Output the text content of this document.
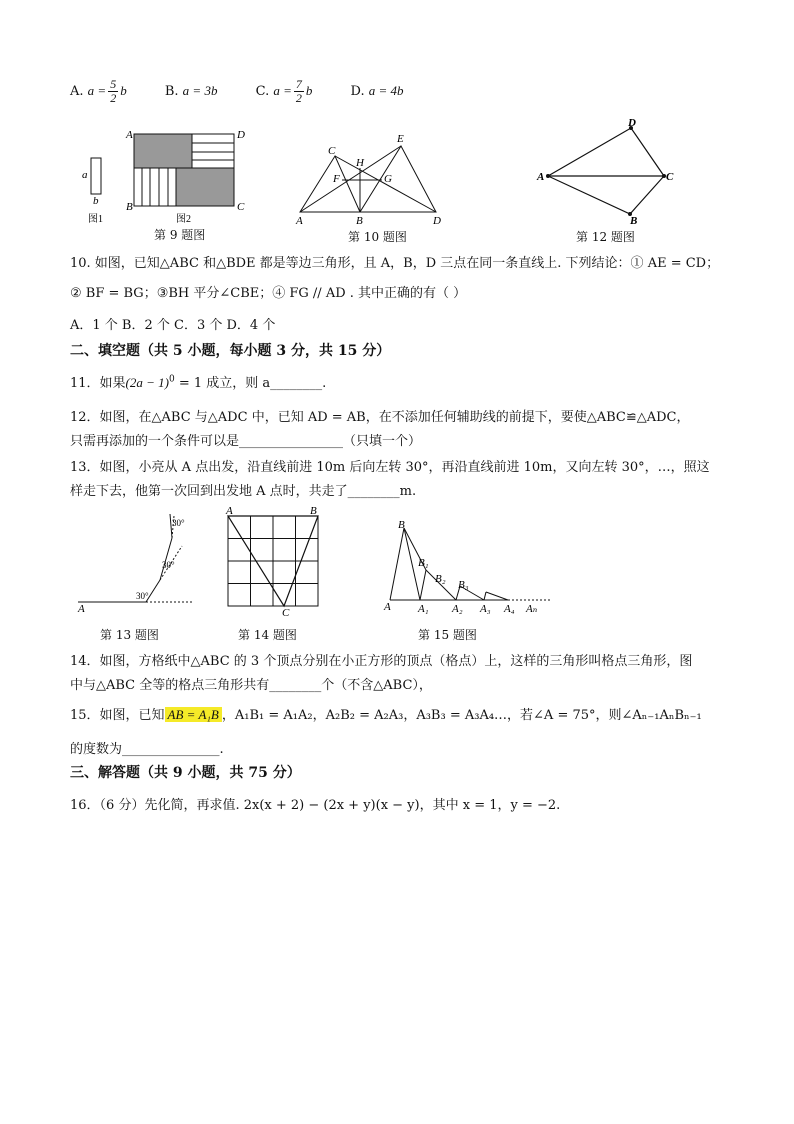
A. $a = \frac{5}{2}$ b	B. a = 3b	C. $a = \frac{7}{2}$ b	D. a = 4b
a
b
图1
A	D
B	C
图2
第 9 题图
C
E
H
F	G
A	B	D
第 10 题图
A
D
C
B
第 12 题图
10. 如图，已知△ABC 和△BDE 都是等边三角形，且 A，B，D 三点在同一条直线上. 下列结论：① AE = CD；
② BF = BG；③BH 平分∠CBE；④ FG // AD . 其中正确的有（ ）
A．1 个 B．2 个 C．3 个 D．4 个
二、填空题（共 5 小题，每小题 3 分，共 15 分）
11．如果$(2a - 1)^0 = 1$ 成立，则 a________.
12．如图，在△ABC 与△ADC 中，已知 AD = AB，在不添加任何辅助线的前提下，要使△ABC≌△ADC，
只需再添加的一个条件可以是________________（只填一个）
13．如图，小亮从 A 点出发，沿直线前进 10m 后向左转 30°，再沿直线前进 10m，又向左转 30°，…，照这
样走下去，他第一次回到出发地 A 点时，共走了________m.
A
30°
30°
30°
第 13 题图
A	B
C
第 14 题图
B
B₁
B₂ B₃
A A₁ A₂ A₃ A₄ Aₙ
第 15 题图
14．如图，方格纸中△ABC 的 3 个顶点分别在小正方形的顶点（格点）上，这样的三角形叫格点三角形，图
中与△ABC 全等的格点三角形共有________个（不含△ABC），
15．如图，已知 AB = A₁B ，A₁B₁ = A₁A₂，A₂B₂ = A₂A₃，A₃B₃ = A₃A₄…，若∠A = 75°，则∠Aₙ₋₁AₙBₙ₋₁
的度数为_______________.
三、解答题（共 9 小题，共 75 分）
16．（6 分）先化简，再求值. 2x(x + 2) − (2x + y)(x − y)，其中 x = 1，y = −2.
